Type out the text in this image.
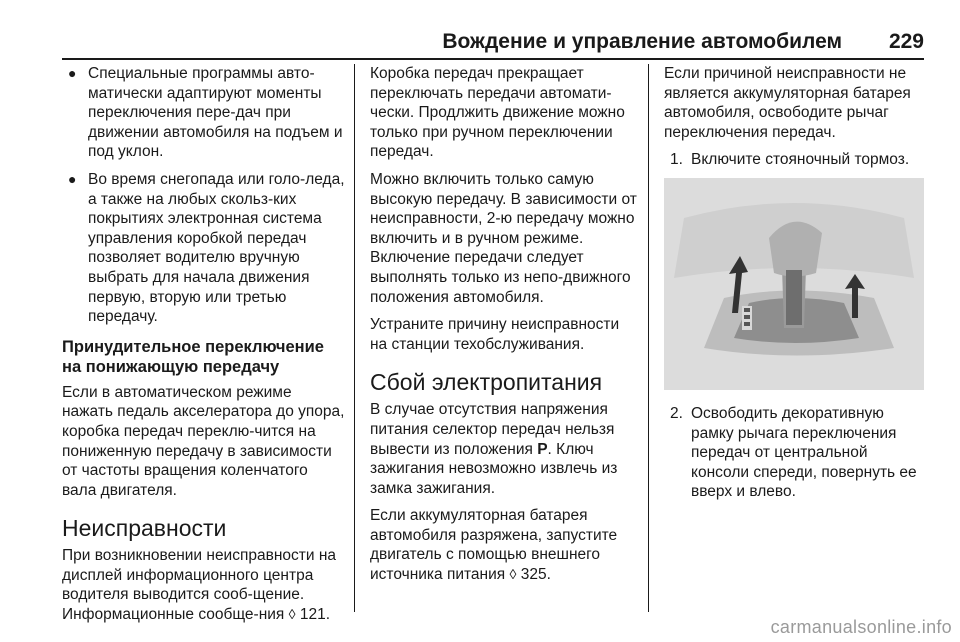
Вождение и управление автомобилем 229
● Специальные программы авто-матически адаптируют моменты переключения пере-дач при движении автомобиля на подъем и под уклон.
● Во время снегопада или голо-леда, а также на любых скольз-ких покрытиях электронная система управления коробкой передач позволяет водителю вручную выбрать для начала движения первую, вторую или третью передачу.
Принудительное переключение на понижающую передачу

Если в автоматическом режиме нажать педаль акселератора до упора, коробка передач переклю-чится на пониженную передачу в зависимости от частоты вращения коленчатого вала двигателя.

Неисправности

При возникновении неисправности на дисплей информационного центра водителя выводится сооб-щение. Информационные сообще-ния ◊ 121.

Коробка передач прекращает переключать передачи автомати-чески. Продлжить движение можно только при ручном переключении передач.

Можно включить только самую высокую передачу. В зависимости от неисправности, 2-ю передачу можно включить и в ручном режиме. Включение передачи следует выполнять только из непо-движного положения автомобиля.

Устраните причину неисправности на станции техобслуживания.

Сбой электропитания

В случае отсутствия напряжения питания селектор передач нельзя вывести из положения P. Ключ зажигания невозможно извлечь из замка зажигания.

Если аккумуляторная батарея автомобиля разряжена, запустите двигатель с помощью внешнего источника питания ◊ 325.

Если причиной неисправности не является аккумуляторная батарея автомобиля, освободите рычаг переключения передач.

1. Включите стояночный тормоз.
2. Освободить декоративную рамку рычага переключения передач от центральной консоли спереди, повернуть ее вверх и влево.
carmanualsonline.info
